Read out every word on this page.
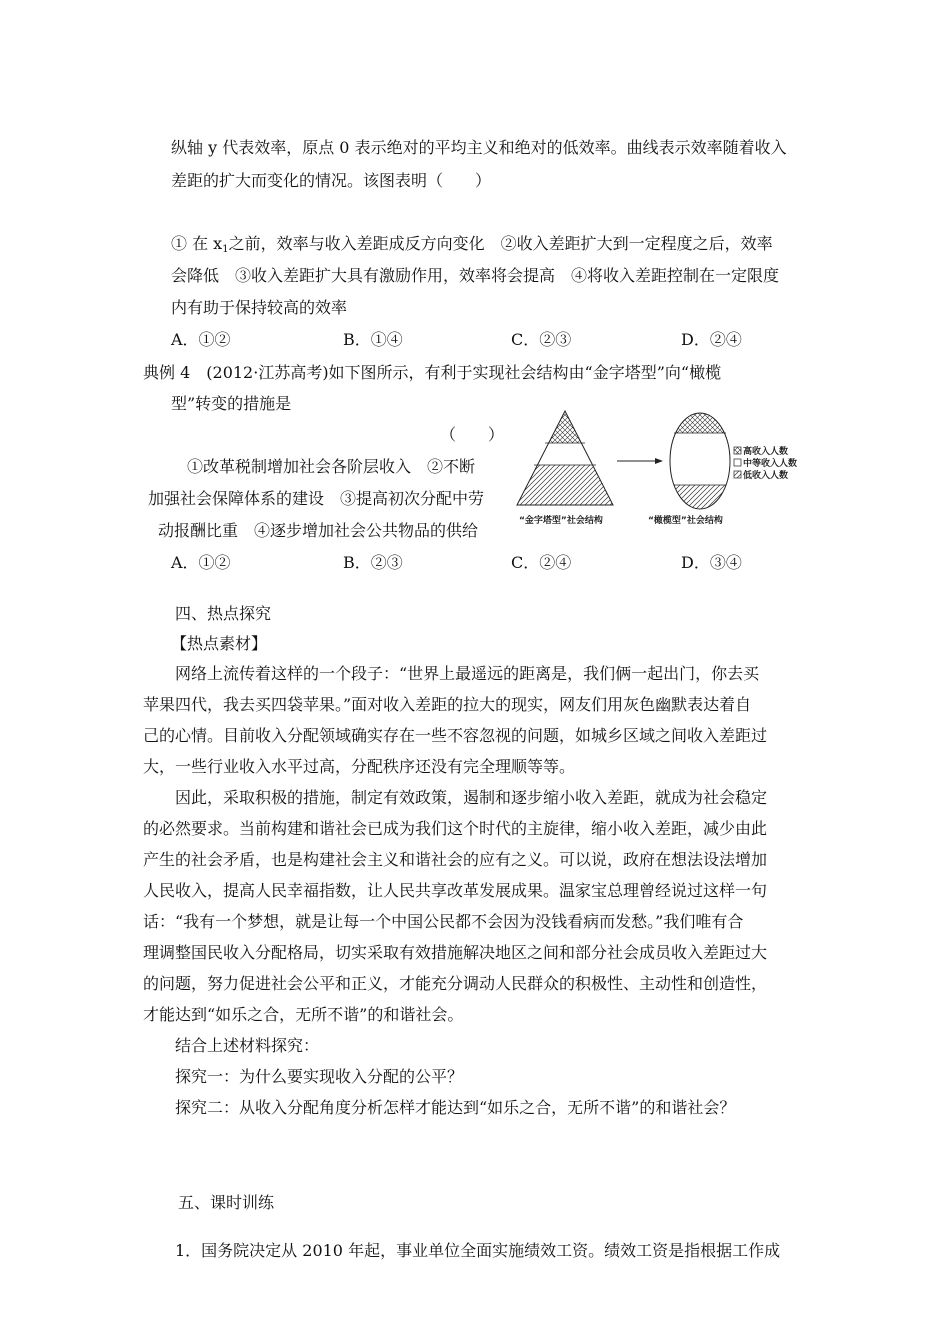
纵轴 y 代表效率，原点 0 表示绝对的平均主义和绝对的低效率。曲线表示效率随着收入
差距的扩大而变化的情况。该图表明（　　）
① 在 $x_1$之前，效率与收入差距成反方向变化　②收入差距扩大到一定程度之后，效率
会降低　③收入差距扩大具有激励作用，效率将会提高　④将收入差距控制在一定限度
内有助于保持较高的效率
A．①②	B．①④	C．②③	D．②④
典例 4　(2012·江苏高考)如下图所示，有利于实现社会结构由“金字塔型”向“橄榄
型”转变的措施是
（　　）
①改革税制增加社会各阶层收入　②不断
加强社会保障体系的建设　③提高初次分配中劳
动报酬比重　④逐步增加社会公共物品的供给
A．①②	B．②③	C．②④	D．③④
高收入人数
中等收入人数
低收入人数
“金字塔型”社会结构	“橄榄型”社会结构
四、热点探究
【热点素材】
网络上流传着这样的一个段子：“世界上最遥远的距离是，我们俩一起出门，你去买
苹果四代，我去买四袋苹果。”面对收入差距的拉大的现实，网友们用灰色幽默表达着自
己的心情。目前收入分配领域确实存在一些不容忽视的问题，如城乡区域之间收入差距过
大，一些行业收入水平过高，分配秩序还没有完全理顺等等。
因此，采取积极的措施，制定有效政策，遏制和逐步缩小收入差距，就成为社会稳定
的必然要求。当前构建和谐社会已成为我们这个时代的主旋律，缩小收入差距，减少由此
产生的社会矛盾，也是构建社会主义和谐社会的应有之义。可以说，政府在想法设法增加
人民收入，提高人民幸福指数，让人民共享改革发展成果。温家宝总理曾经说过这样一句
话：“我有一个梦想，就是让每一个中国公民都不会因为没钱看病而发愁。”我们唯有合
理调整国民收入分配格局，切实采取有效措施解决地区之间和部分社会成员收入差距过大
的问题，努力促进社会公平和正义，才能充分调动人民群众的积极性、主动性和创造性，
才能达到“如乐之合，无所不谐”的和谐社会。
结合上述材料探究：
探究一：为什么要实现收入分配的公平？
探究二：从收入分配角度分析怎样才能达到“如乐之合，无所不谐”的和谐社会？
五、课时训练
1．国务院决定从 2010 年起，事业单位全面实施绩效工资。绩效工资是指根据工作成
